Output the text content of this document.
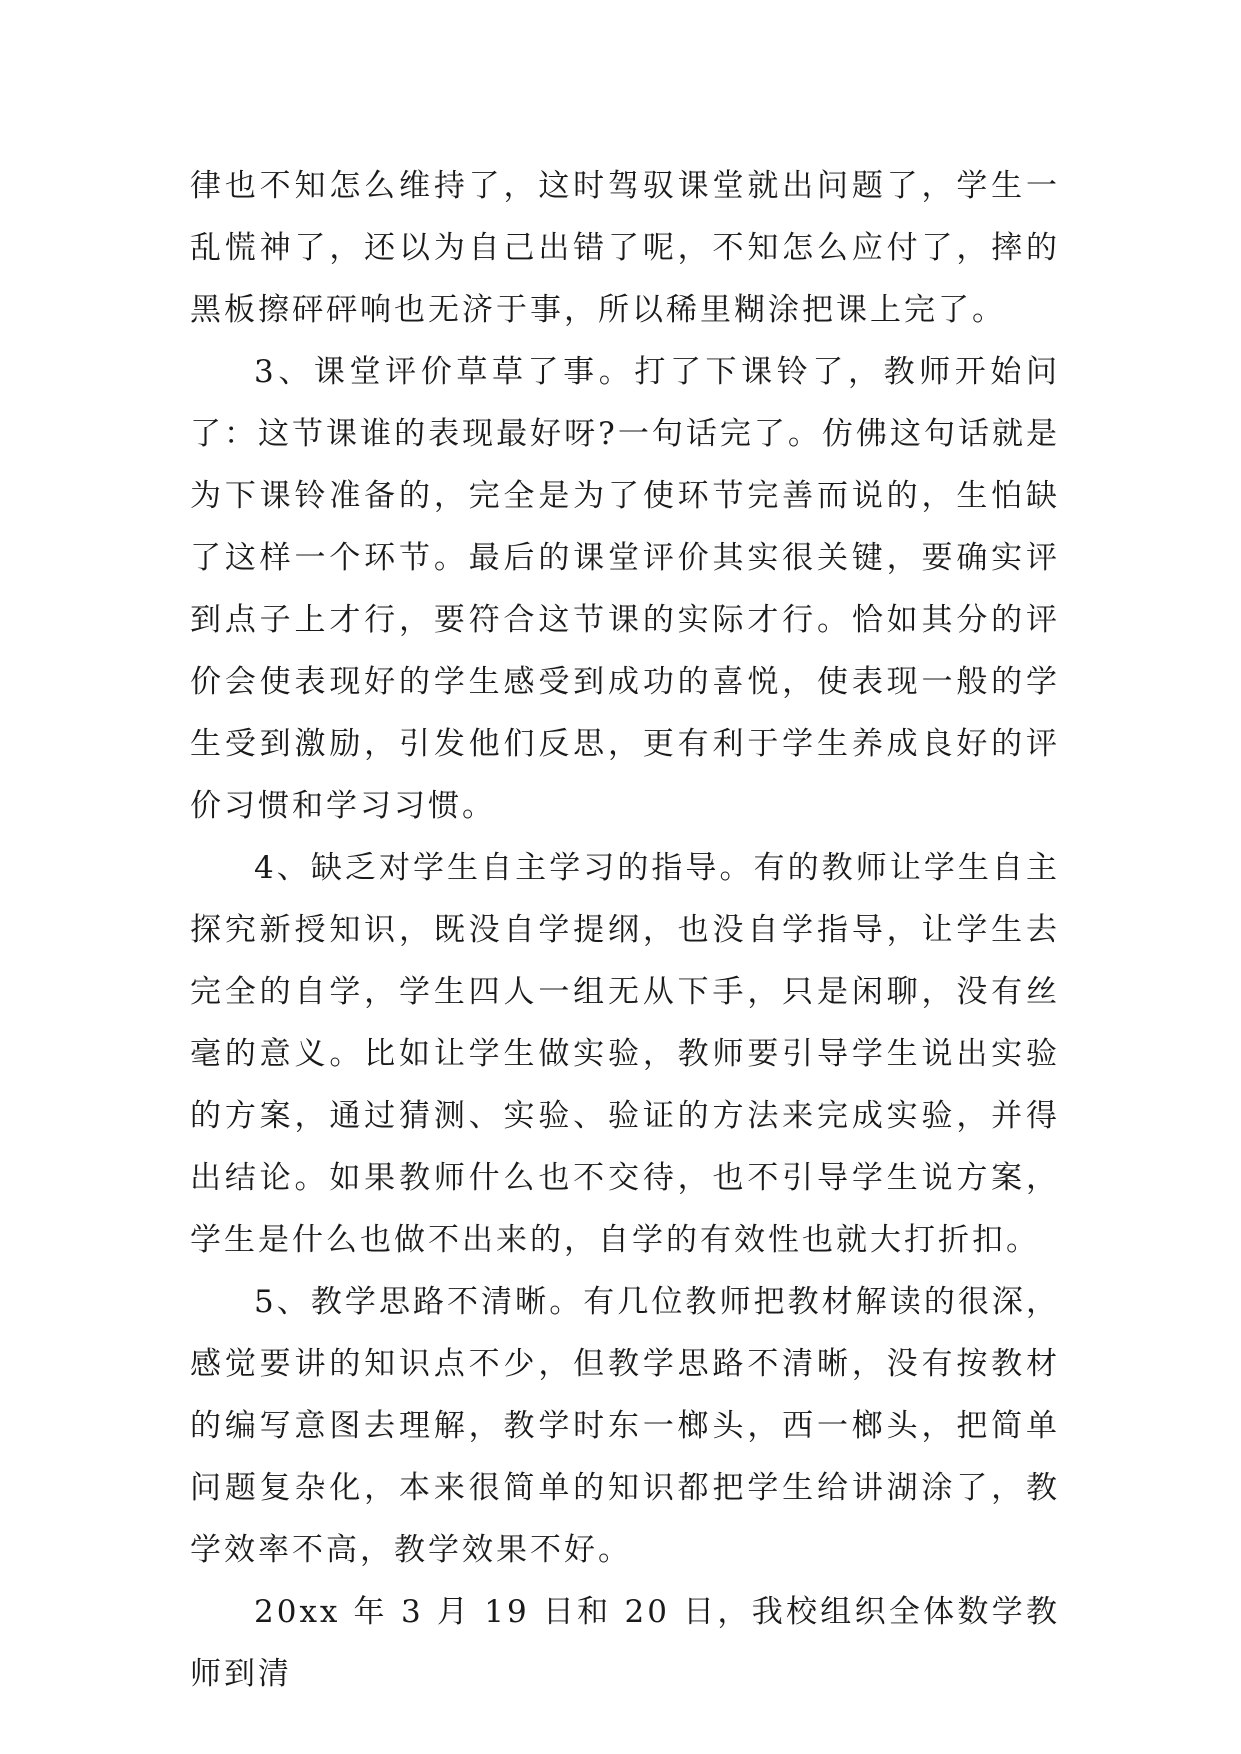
律也不知怎么维持了，这时驾驭课堂就出问题了，学生一乱慌神了，还以为自己出错了呢，不知怎么应付了，摔的黑板擦砰砰响也无济于事，所以稀里糊涂把课上完了。

3、课堂评价草草了事。打了下课铃了，教师开始问了：这节课谁的表现最好呀?一句话完了。仿佛这句话就是为下课铃准备的，完全是为了使环节完善而说的，生怕缺了这样一个环节。最后的课堂评价其实很关键，要确实评到点子上才行，要符合这节课的实际才行。恰如其分的评价会使表现好的学生感受到成功的喜悦，使表现一般的学生受到激励，引发他们反思，更有利于学生养成良好的评价习惯和学习习惯。

4、缺乏对学生自主学习的指导。有的教师让学生自主探究新授知识，既没自学提纲，也没自学指导，让学生去完全的自学，学生四人一组无从下手，只是闲聊，没有丝毫的意义。比如让学生做实验，教师要引导学生说出实验的方案，通过猜测、实验、验证的方法来完成实验，并得出结论。如果教师什么也不交待，也不引导学生说方案，学生是什么也做不出来的，自学的有效性也就大打折扣。

5、教学思路不清晰。有几位教师把教材解读的很深，感觉要讲的知识点不少，但教学思路不清晰，没有按教材的编写意图去理解，教学时东一榔头，西一榔头，把简单问题复杂化，本来很简单的知识都把学生给讲湖涂了，教学效率不高，教学效果不好。

20xx 年 3 月 19 日和 20 日，我校组织全体数学教师到清
